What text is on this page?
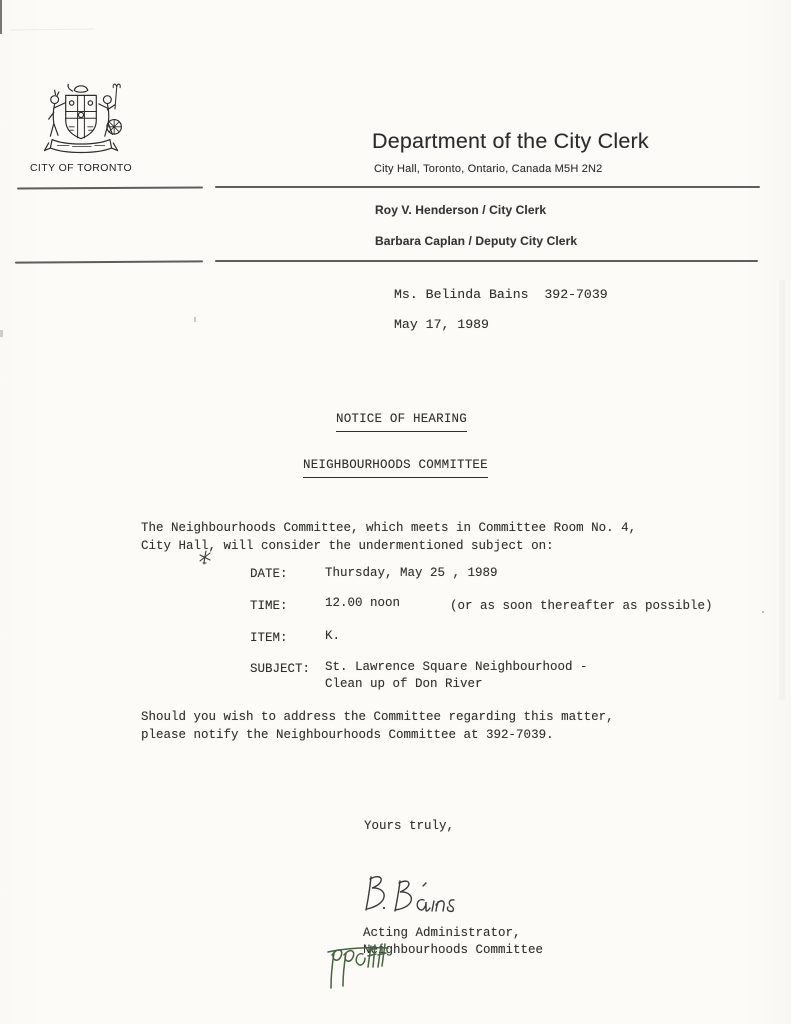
CITY OF TORONTO
Department of the City Clerk
City Hall, Toronto, Ontario, Canada M5H 2N2
Roy V. Henderson / City Clerk
Barbara Caplan / Deputy City Clerk
Ms. Belinda Bains  392-7039
May 17, 1989
NOTICE OF HEARING
NEIGHBOURHOODS COMMITTEE
The Neighbourhoods Committee, which meets in Committee Room No. 4,
City Hall, will consider the undermentioned subject on:
DATE:	Thursday, May 25 , 1989
TIME:	12.00 noon	(or as soon thereafter as possible)
ITEM:	K.
SUBJECT: St. Lawrence Square Neighbourhood -
Clean up of Don River
Should you wish to address the Committee regarding this matter,
please notify the Neighbourhoods Committee at 392-7039.
Yours truly,
Acting Administrator,
Neighbourhoods Committee
